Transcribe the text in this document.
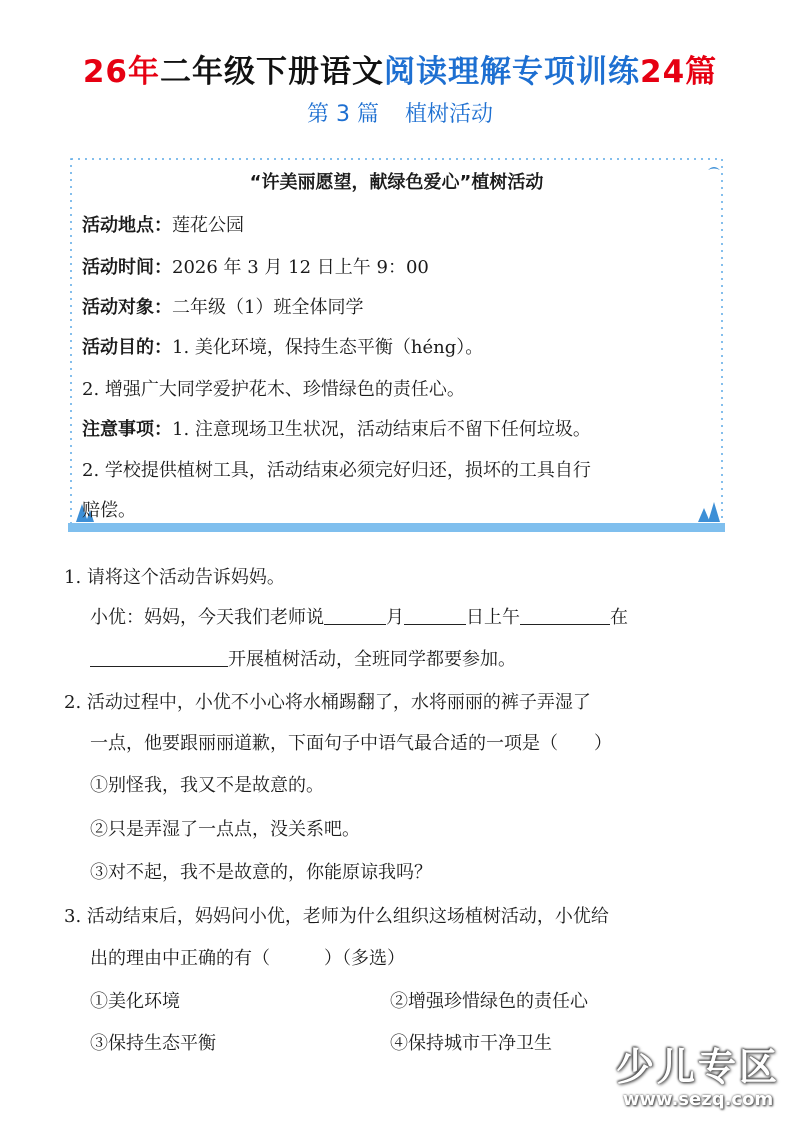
26年二年级下册语文阅读理解专项训练24篇
第 3 篇 植树活动
“许美丽愿望，献绿色爱心”植树活动
活动地点：莲花公园
活动时间：2026 年 3 月 12 日上午 9：00
活动对象：二年级（1）班全体同学
活动目的：1. 美化环境，保持生态平衡（héng）。
2. 增强广大同学爱护花木、珍惜绿色的责任心。
注意事项：1. 注意现场卫生状况，活动结束后不留下任何垃圾。
2. 学校提供植树工具，活动结束必须完好归还，损坏的工具自行
赔偿。
1. 请将这个活动告诉妈妈。
小优：妈妈，今天我们老师说	月	日上午	在
开展植树活动，全班同学都要参加。
2. 活动过程中，小优不小心将水桶踢翻了，水将丽丽的裤子弄湿了
一点，他要跟丽丽道歉，下面句子中语气最合适的一项是（　　）
①别怪我，我又不是故意的。
②只是弄湿了一点点，没关系吧。
③对不起，我不是故意的，你能原谅我吗？
3. 活动结束后，妈妈问小优，老师为什么组织这场植树活动，小优给
出的理由中正确的有（　　　）（多选）
①美化环境	②增强珍惜绿色的责任心
③保持生态平衡	④保持城市干净卫生
少儿专区
www.sezq.com
